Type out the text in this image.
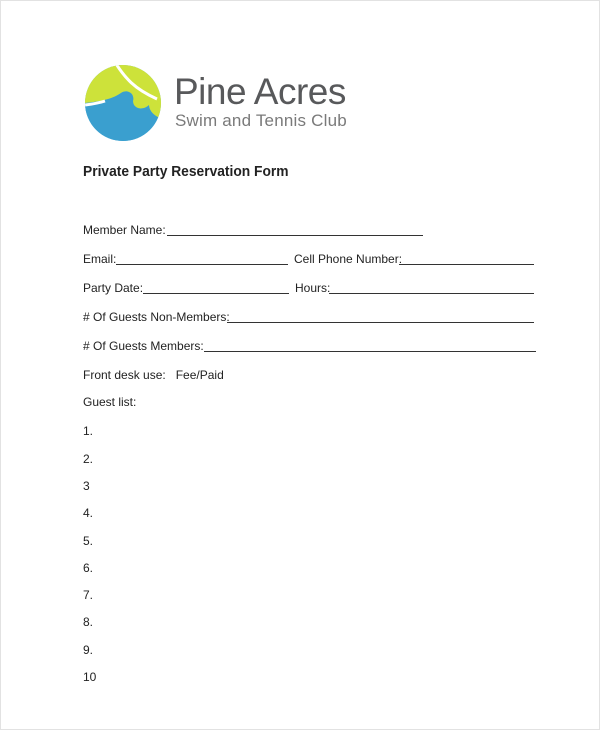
Pine Acres
Swim and Tennis Club
Private Party Reservation Form
Member Name:
Email:	Cell Phone Number:
Party Date:	Hours:
# Of Guests Non-Members:
# Of Guests Members:
Front desk use:   Fee/Paid
Guest list:
1.
2.
3
4.
5.
6.
7.
8.
9.
10
